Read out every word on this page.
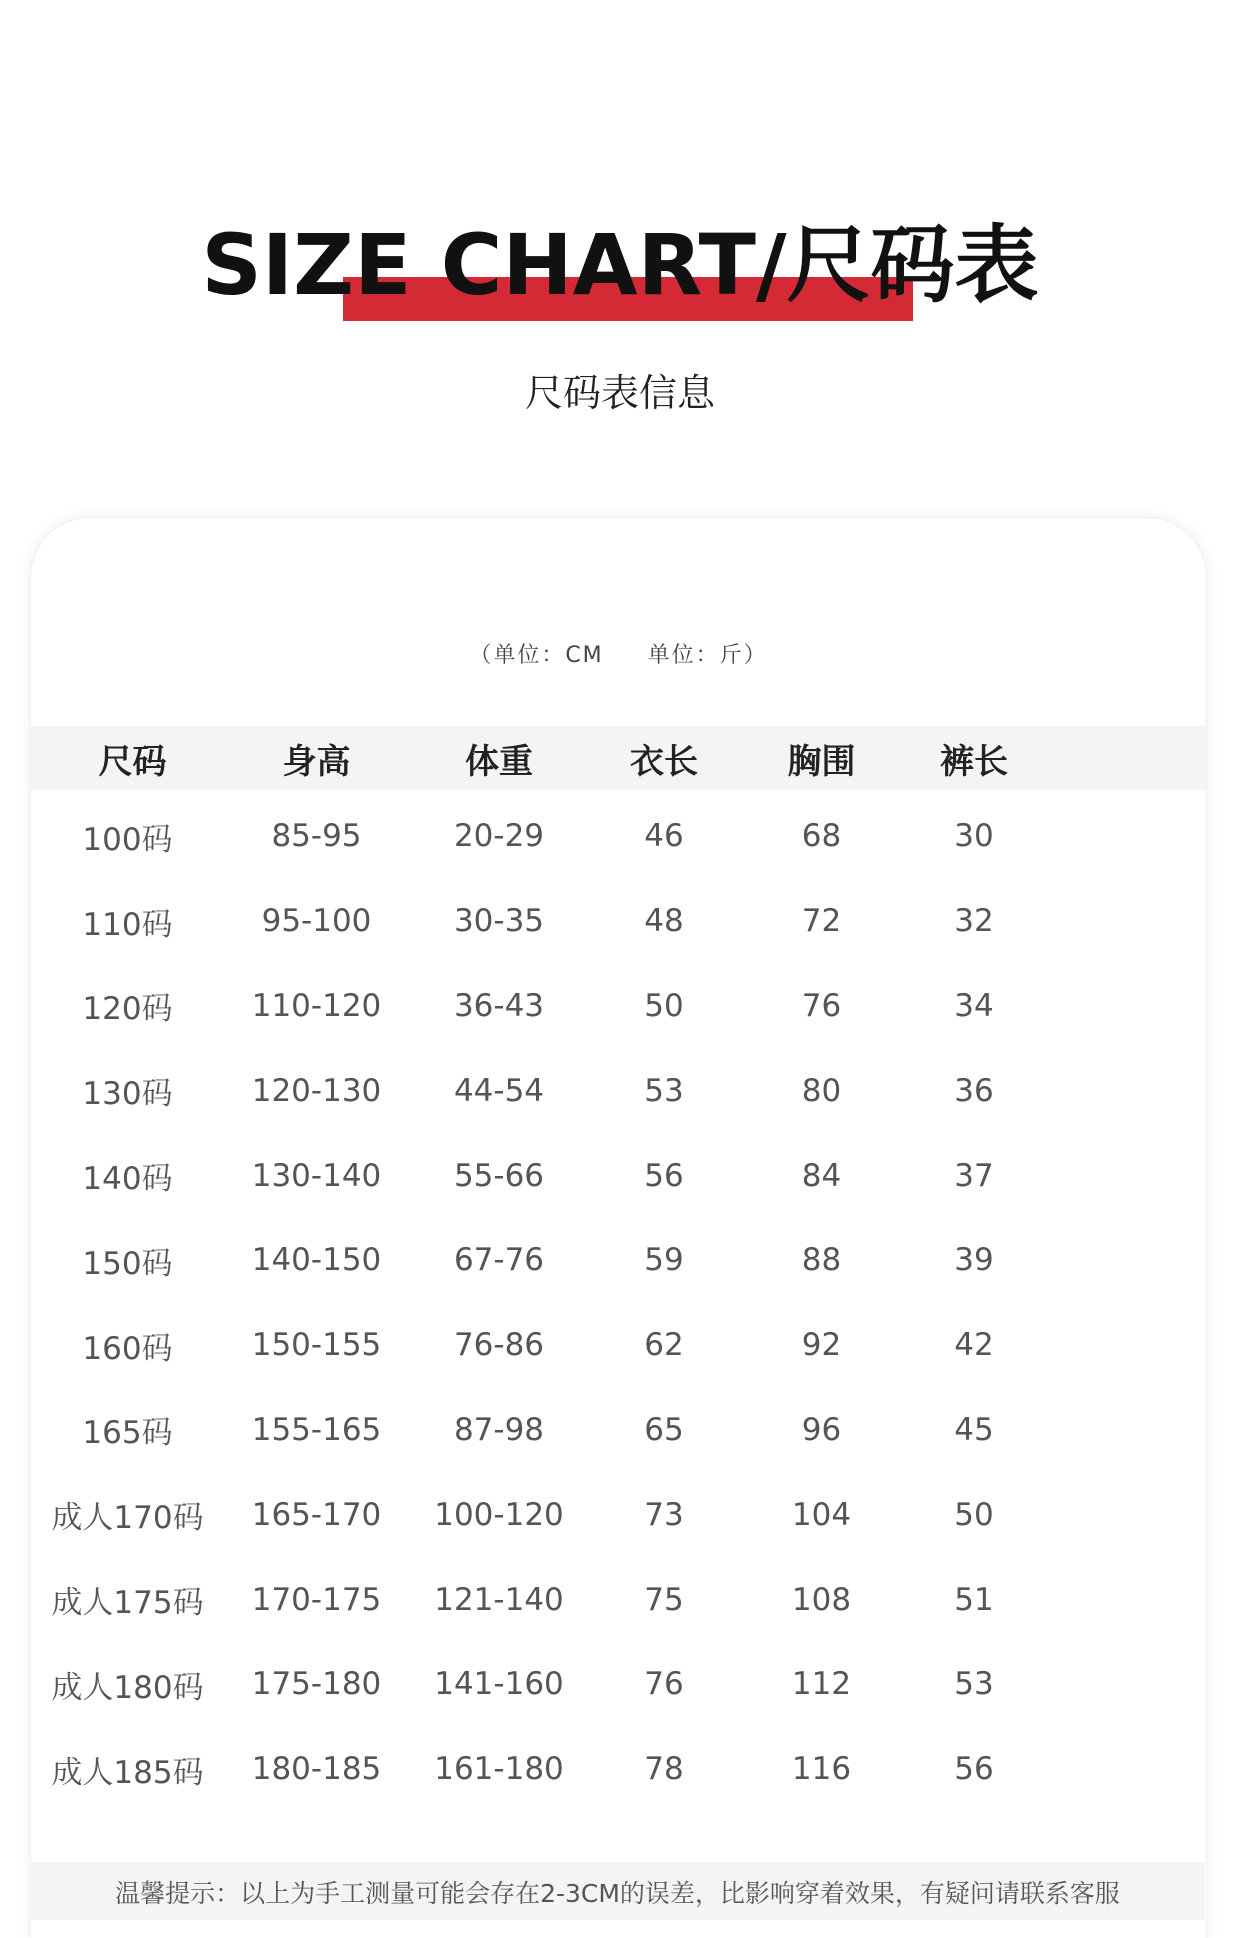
SIZE CHART/尺码表

尺码表信息

（单位：CM 单位：斤）
尺码	身高	体重	衣长	胸围	裤长	
100码	85-95	20-29	46	68	30	
110码	95-100	30-35	48	72	32	
120码	110-120	36-43	50	76	34	
130码	120-130	44-54	53	80	36	
140码	130-140	55-66	56	84	37	
150码	140-150	67-76	59	88	39	
160码	150-155	76-86	62	92	42	
165码	155-165	87-98	65	96	45	
成人170码	165-170	100-120	73	104	50	
成人175码	170-175	121-140	75	108	51	
成人180码	175-180	141-160	76	112	53	
成人185码	180-185	161-180	78	116	56	
温馨提示：以上为手工测量可能会存在2-3CM的误差，比影响穿着效果，有疑问请联系客服
